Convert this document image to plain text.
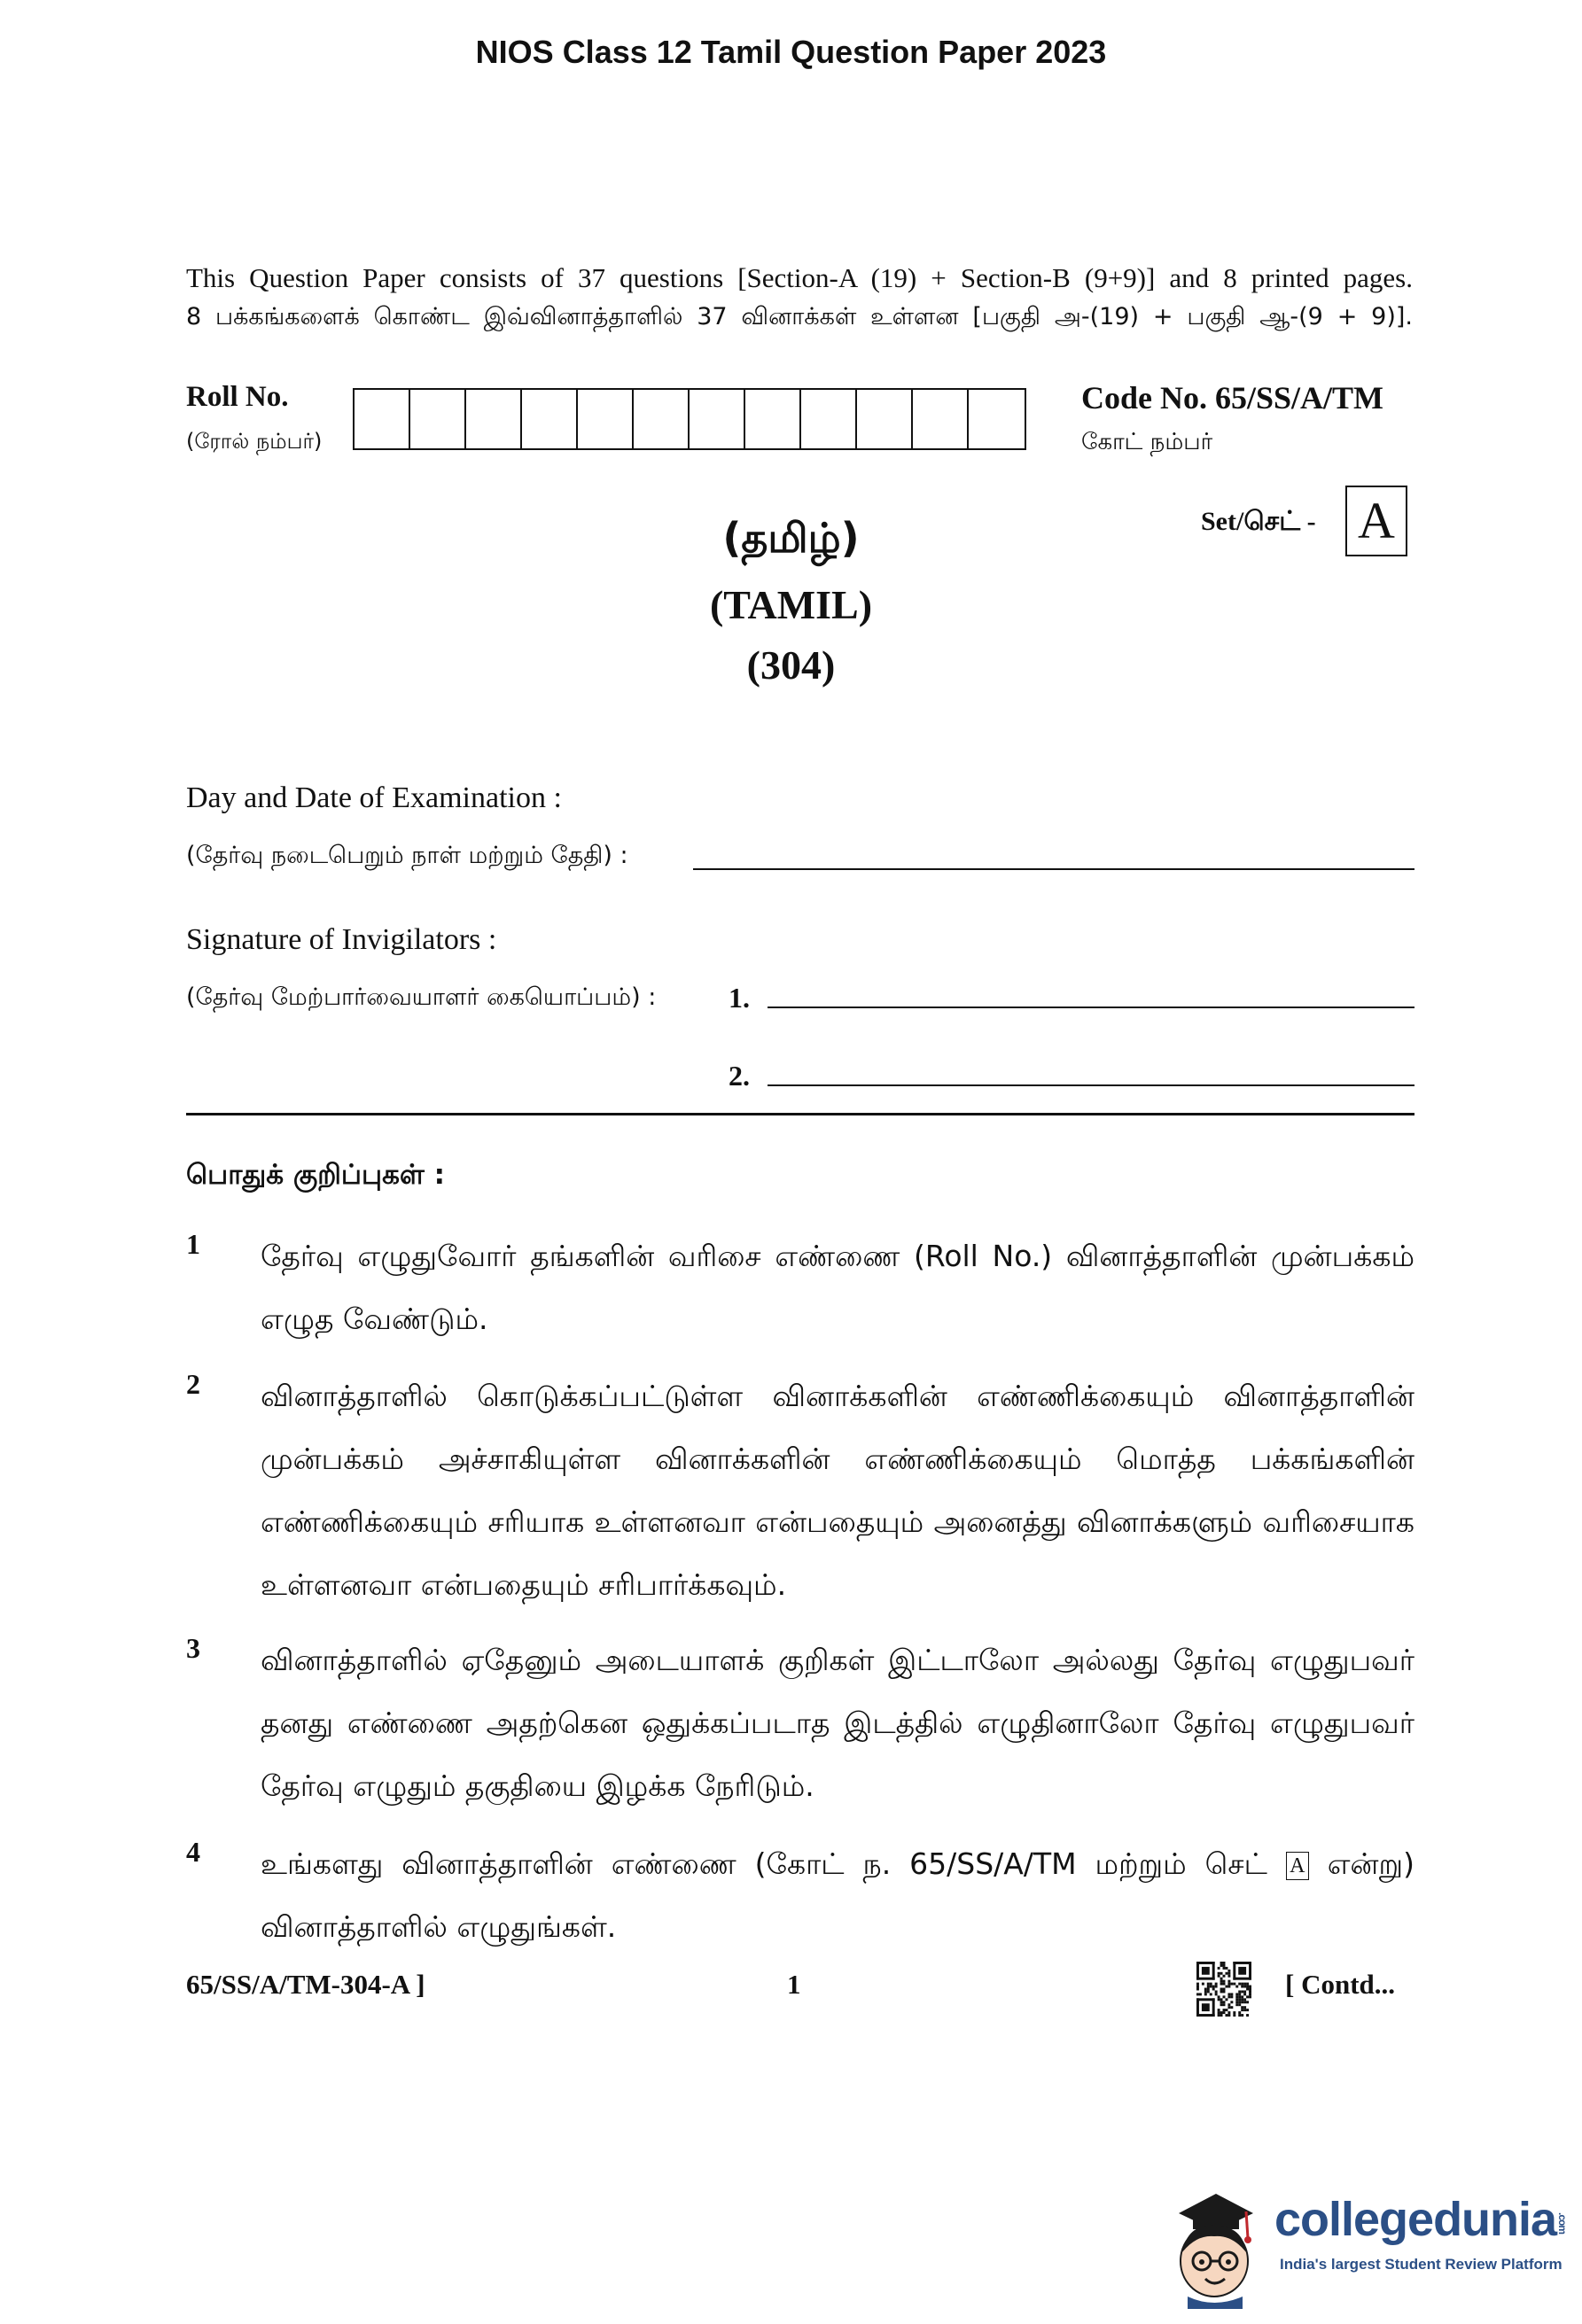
NIOS Class 12 Tamil Question Paper 2023
This Question Paper consists of 37 questions [Section-A (19) + Section-B (9+9)] and 8 printed pages.
8 பக்கங்களைக் கொண்ட இவ்வினாத்தாளில் 37 வினாக்கள் உள்ளன [பகுதி அ-(19) + பகுதி ஆ-(9 + 9)].
Roll No.
(ரோல் நம்பர்)
Code No. 65/SS/A/TM
கோட் நம்பர்
Set/செட் - A
(தமிழ்)
(TAMIL)
(304)
Day and Date of Examination :
(தேர்வு நடைபெறும் நாள் மற்றும் தேதி) :
Signature of Invigilators :
(தேர்வு மேற்பார்வையாளர் கையொப்பம்) :	1.
2.
பொதுக் குறிப்புகள் :
1 தேர்வு எழுதுவோர் தங்களின் வரிசை எண்ணை (Roll No.) வினாத்தாளின் முன்பக்கம் எழுத வேண்டும்.
2 வினாத்தாளில் கொடுக்கப்பட்டுள்ள வினாக்களின் எண்ணிக்கையும் வினாத்தாளின் முன்பக்கம் அச்சாகியுள்ள வினாக்களின் எண்ணிக்கையும் மொத்த பக்கங்களின் எண்ணிக்கையும் சரியாக உள்ளனவா என்பதையும் அனைத்து வினாக்களும் வரிசையாக உள்ளனவா என்பதையும் சரிபார்க்கவும்.
3 வினாத்தாளில் ஏதேனும் அடையாளக் குறிகள் இட்டாலோ அல்லது தேர்வு எழுதுபவர் தனது எண்ணை அதற்கென ஒதுக்கப்படாத இடத்தில் எழுதினாலோ தேர்வு எழுதுபவர் தேர்வு எழுதும் தகுதியை இழக்க நேரிடும்.
4 உங்களது வினாத்தாளின் எண்ணை (கோட் ந. 65/SS/A/TM மற்றும் செட் A என்று) வினாத்தாளில் எழுதுங்கள்.
65/SS/A/TM-304-A ]	1	[ Contd...
collegedunia.com
India's largest Student Review Platform
